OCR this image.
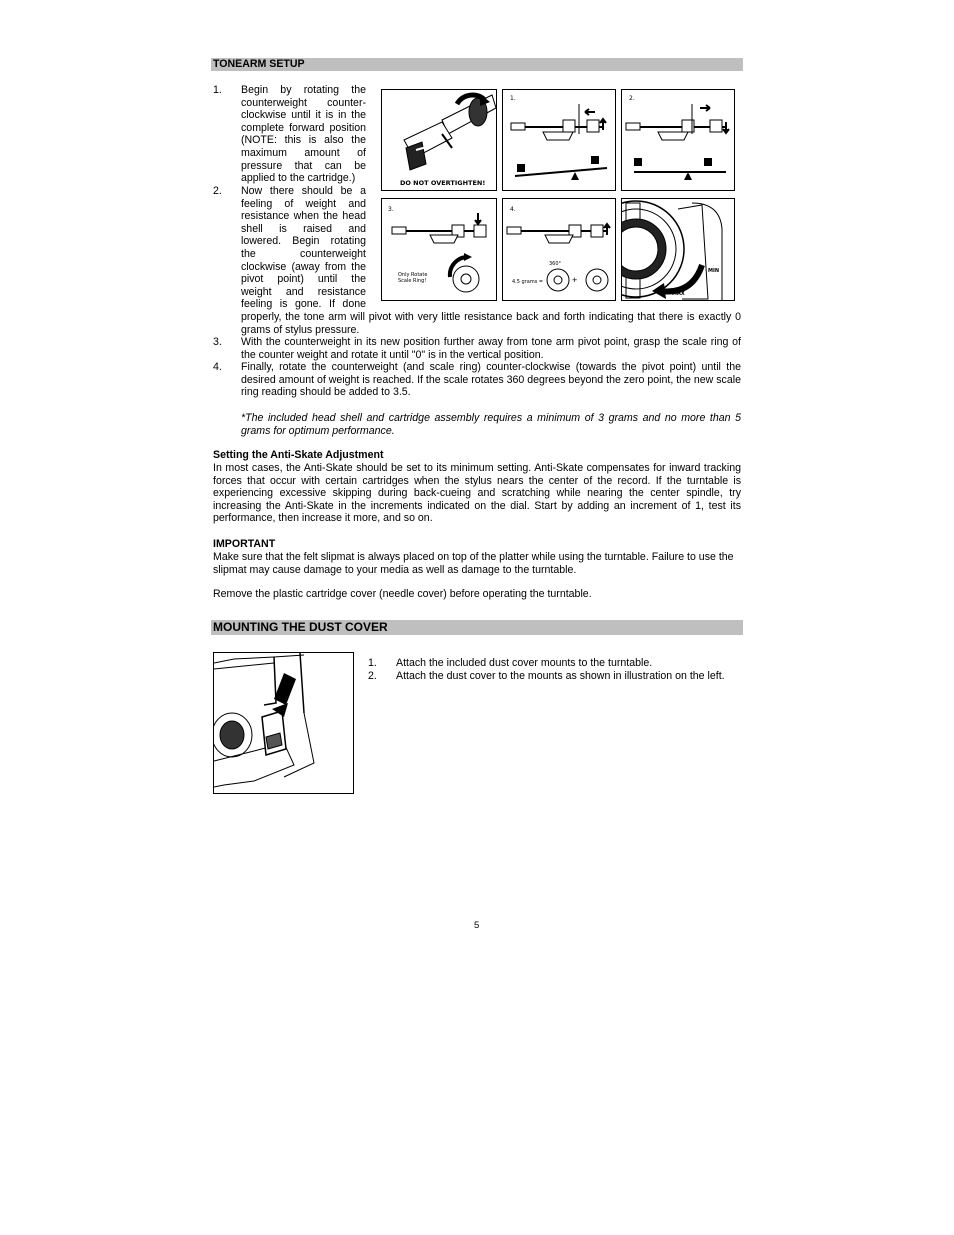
TONEARM SETUP
1. Begin by rotating the
counterweight counter-
clockwise until it is in the
complete forward position
(NOTE: this is also the
maximum amount of
pressure that can be
applied to the cartridge.)
2. Now there should be a
feeling of weight and
resistance when the head
shell is raised and
lowered. Begin rotating
the counterweight
clockwise (away from the
pivot point) until the
weight and resistance
feeling is gone. If done
properly, the tone arm will pivot with very little resistance back and forth indicating that there is exactly 0 grams of stylus pressure.
3. With the counterweight in its new position further away from tone arm pivot point, grasp the scale ring of the counter weight and rotate it until "0" is in the vertical position.
4. Finally, rotate the counterweight (and scale ring) counter-clockwise (towards the pivot point) until the desired amount of weight is reached. If the scale rotates 360 degrees beyond the zero point, the new scale ring reading should be added to 3.5.
*The included head shell and cartridge assembly requires a minimum of 3 grams and no more than 5 grams for optimum performance.
DO NOT OVERTIGHTEN!
1.	2.
3.
Only Rotate
Scale Ring!
4.
360°
4.5 grams =	+
MIN
MAX
Setting the Anti-Skate Adjustment
In most cases, the Anti-Skate should be set to its minimum setting. Anti-Skate compensates for inward tracking forces that occur with certain cartridges when the stylus nears the center of the record. If the turntable is experiencing excessive skipping during back-cueing and scratching while nearing the center spindle, try increasing the Anti-Skate in the increments indicated on the dial. Start by adding an increment of 1, test its performance, then increase it more, and so on.
IMPORTANT
Make sure that the felt slipmat is always placed on top of the platter while using the turntable. Failure to use the slipmat may cause damage to your media as well as damage to the turntable.
Remove the plastic cartridge cover (needle cover) before operating the turntable.
MOUNTING THE DUST COVER
1. Attach the included dust cover mounts to the turntable.
2. Attach the dust cover to the mounts as shown in illustration on the left.
5
